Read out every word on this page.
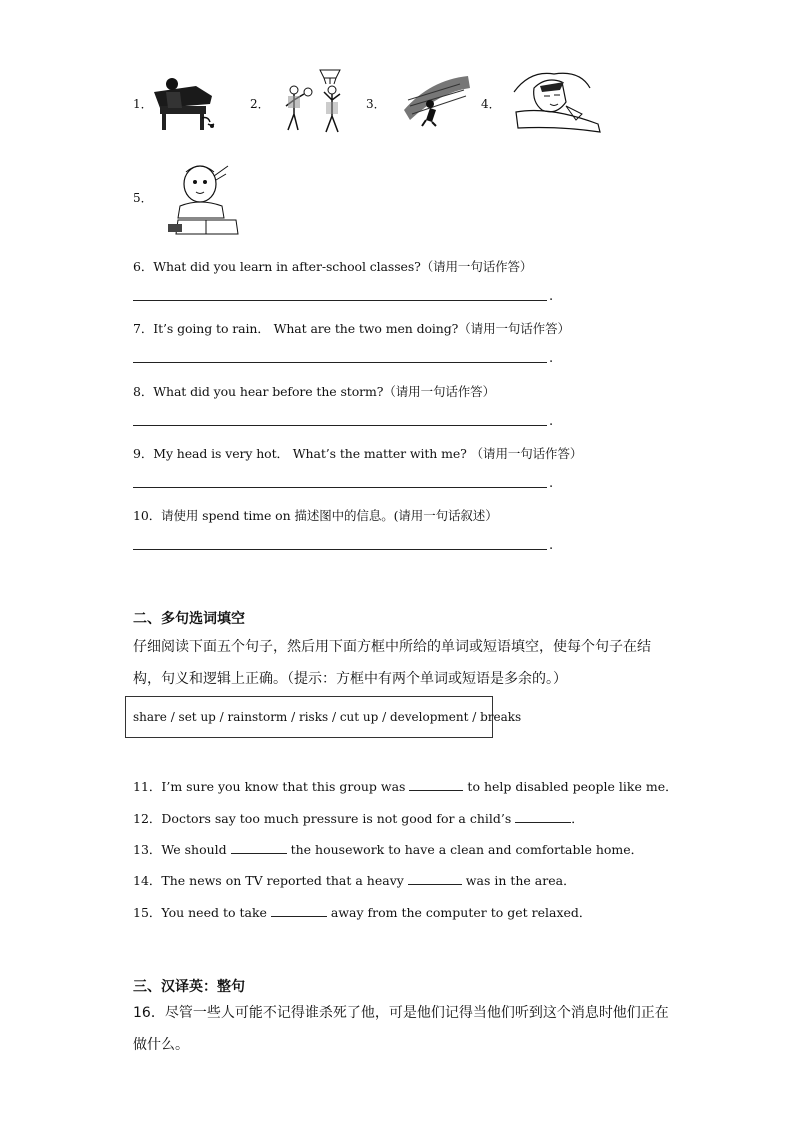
1．	2．	3．	4．
5．
6．What did you learn in after-school classes?（请用一句话作答）
.
7．It’s going to rain． What are the two men doing?（请用一句话作答）
.
8．What did you hear before the storm?（请用一句话作答）
.
9．My head is very hot． What’s the matter with me? （请用一句话作答）
.
10．请使用 spend time on 描述图中的信息。(请用一句话叙述）
.
二、多句选词填空
仔细阅读下面五个句子，然后用下面方框中所给的单词或短语填空，使每个句子在结构，句义和逻辑上正确。（提示：方框中有两个单词或短语是多余的。）
share / set up / rainstorm / risks / cut up / development / breaks
11．I’m sure you know that this group was	to help disabled people like me．
12．Doctors say too much pressure is not good for a child’s	．
13．We should	the housework to have a clean and comfortable home．
14．The news on TV reported that a heavy	was in the area．
15．You need to take	away from the computer to get relaxed．
三、汉译英：整句
16．尽管一些人可能不记得谁杀死了他，可是他们记得当他们听到这个消息时他们正在做什么。
